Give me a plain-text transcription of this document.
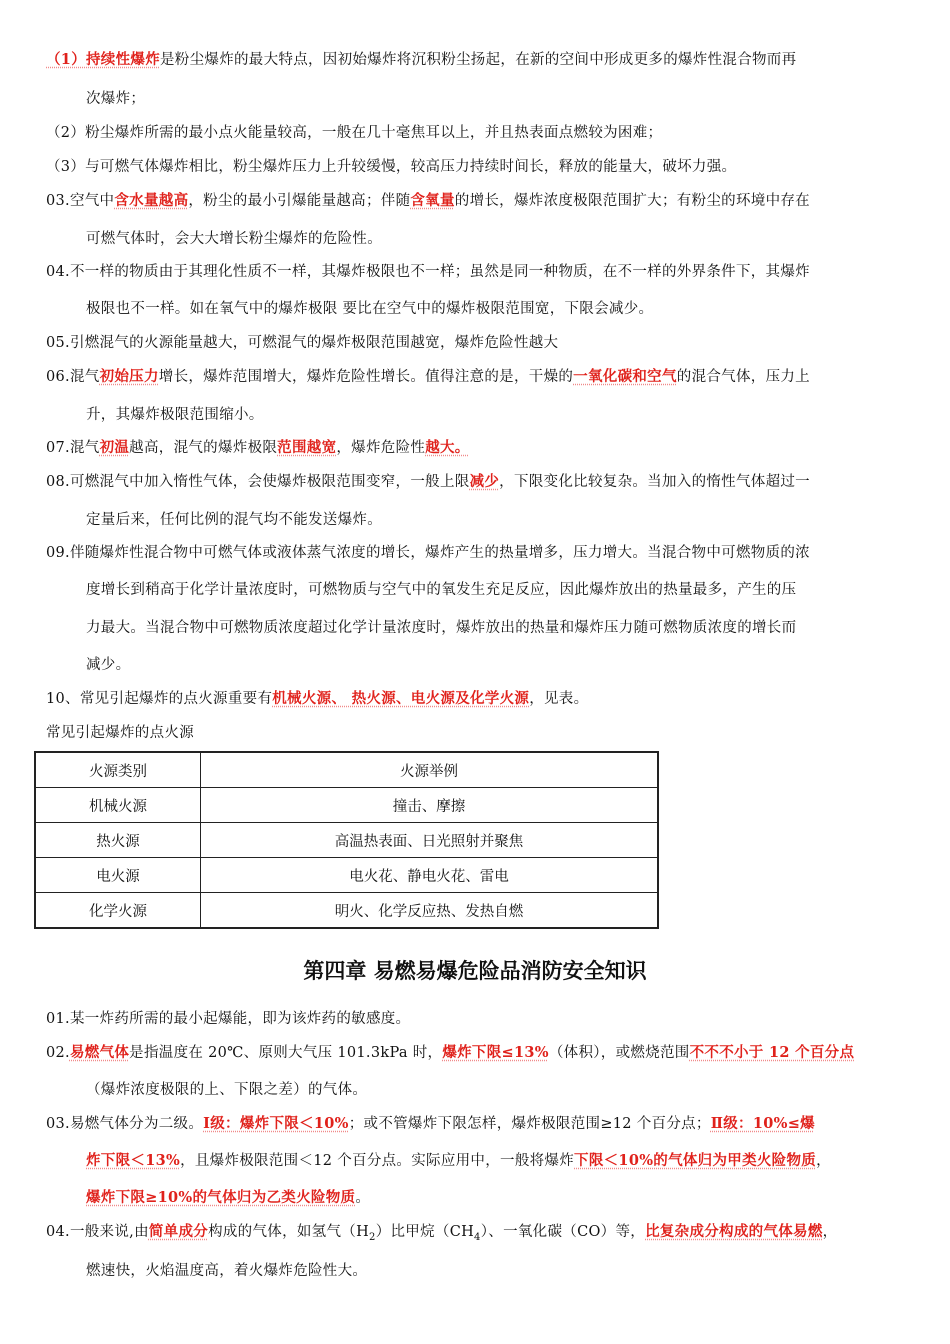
（1）持续性爆炸是粉尘爆炸的最大特点，因初始爆炸将沉积粉尘扬起，在新的空间中形成更多的爆炸性混合物而再
次爆炸；
（2）粉尘爆炸所需的最小点火能量较高，一般在几十毫焦耳以上，并且热表面点燃较为困难；
（3）与可燃气体爆炸相比，粉尘爆炸压力上升较缓慢，较高压力持续时间长，释放的能量大，破坏力强。
03.空气中含水量越高，粉尘的最小引爆能量越高；伴随含氧量的增长，爆炸浓度极限范围扩大；有粉尘的环境中存在
可燃气体时，会大大增长粉尘爆炸的危险性。
04.不一样的物质由于其理化性质不一样，其爆炸极限也不一样；虽然是同一种物质，在不一样的外界条件下，其爆炸
极限也不一样。如在氧气中的爆炸极限 要比在空气中的爆炸极限范围宽，下限会减少。
05.引燃混气的火源能量越大，可燃混气的爆炸极限范围越宽，爆炸危险性越大
06.混气初始压力增长，爆炸范围增大，爆炸危险性增长。值得注意的是，干燥的一氧化碳和空气的混合气体，压力上
升，其爆炸极限范围缩小。
07.混气初温越高，混气的爆炸极限范围越宽，爆炸危险性越大。
08.可燃混气中加入惰性气体，会使爆炸极限范围变窄，一般上限减少，下限变化比较复杂。当加入的惰性气体超过一
定量后来，任何比例的混气均不能发送爆炸。
09.伴随爆炸性混合物中可燃气体或液体蒸气浓度的增长，爆炸产生的热量增多，压力增大。当混合物中可燃物质的浓
度增长到稍高于化学计量浓度时，可燃物质与空气中的氧发生充足反应，因此爆炸放出的热量最多，产生的压
力最大。当混合物中可燃物质浓度超过化学计量浓度时，爆炸放出的热量和爆炸压力随可燃物质浓度的增长而
减少。
10、常见引起爆炸的点火源重要有机械火源、 热火源、电火源及化学火源，见表。
常见引起爆炸的点火源
火源类别	火源举例
机械火源	撞击、摩擦
热火源	高温热表面、日光照射并聚焦
电火源	电火花、静电火花、雷电
化学火源	明火、化学反应热、发热自燃
第四章 易燃易爆危险品消防安全知识
01.某一炸药所需的最小起爆能，即为该炸药的敏感度。
02.易燃气体是指温度在 20℃、原则大气压 101.3kPa 时，爆炸下限≤13%（体积），或燃烧范围不不不小于 12 个百分点
（爆炸浓度极限的上、下限之差）的气体。
03.易燃气体分为二级。Ⅰ级：爆炸下限＜10%；或不管爆炸下限怎样，爆炸极限范围≥12 个百分点；Ⅱ级：10%≤爆
炸下限＜13%，且爆炸极限范围＜12 个百分点。实际应用中，一般将爆炸下限＜10%的气体归为甲类火险物质，
爆炸下限≥10%的气体归为乙类火险物质。
04.一般来说,由简单成分构成的气体，如氢气$(H_2)$比甲烷$(CH_4)$、一氧化碳（CO）等，比复杂成分构成的气体易燃，
燃速快，火焰温度高，着火爆炸危险性大。
